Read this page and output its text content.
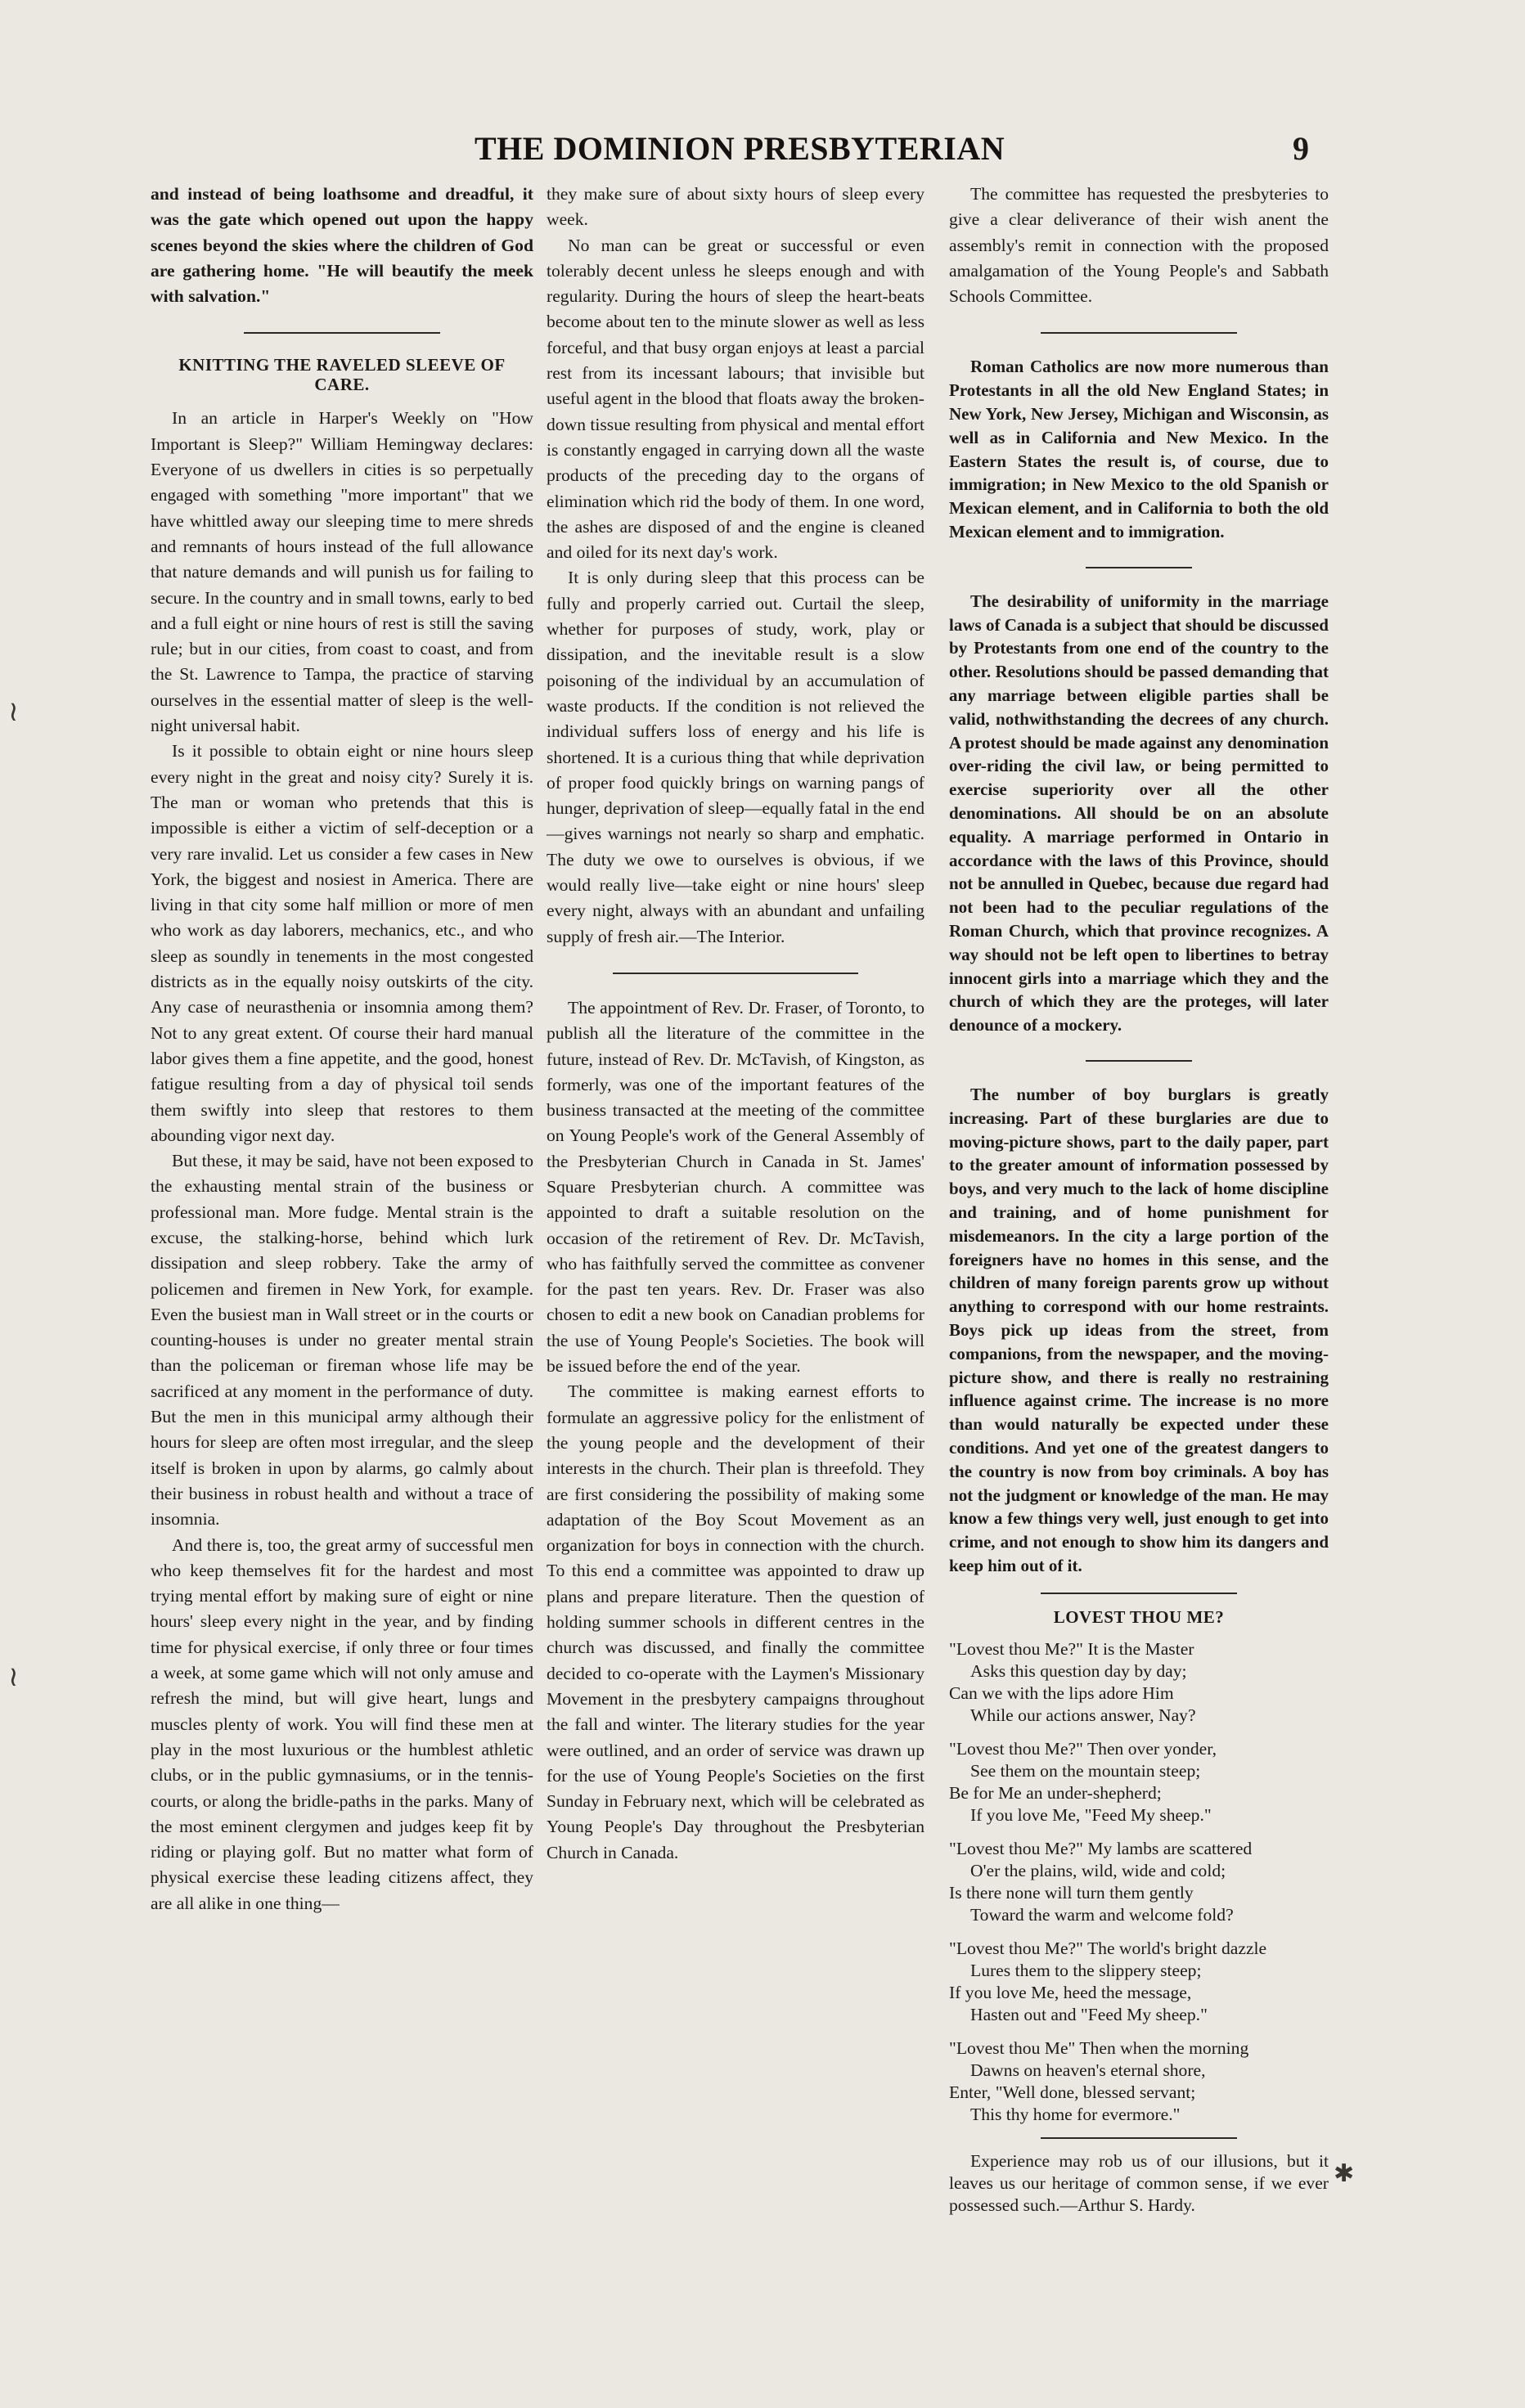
THE DOMINION PRESBYTERIAN	9
≀
≀
✱

and instead of being loathsome and dreadful, it was the gate which opened out upon the happy scenes beyond the skies where the children of God are gathering home. "He will beautify the meek with salvation."

KNITTING THE RAVELED SLEEVE OF CARE.

In an article in Harper's Weekly on "How Important is Sleep?" William Hemingway declares: Everyone of us dwellers in cities is so perpetually engaged with something "more important" that we have whittled away our sleeping time to mere shreds and remnants of hours instead of the full allowance that nature demands and will punish us for failing to secure. In the country and in small towns, early to bed and a full eight or nine hours of rest is still the saving rule; but in our cities, from coast to coast, and from the St. Lawrence to Tampa, the practice of starving ourselves in the essential matter of sleep is the well-night universal habit.

Is it possible to obtain eight or nine hours sleep every night in the great and noisy city? Surely it is. The man or woman who pretends that this is impossible is either a victim of self-deception or a very rare invalid. Let us consider a few cases in New York, the biggest and nosiest in America. There are living in that city some half million or more of men who work as day laborers, mechanics, etc., and who sleep as soundly in tenements in the most congested districts as in the equally noisy outskirts of the city. Any case of neurasthenia or insomnia among them? Not to any great extent. Of course their hard manual labor gives them a fine appetite, and the good, honest fatigue resulting from a day of physical toil sends them swiftly into sleep that restores to them abounding vigor next day.

But these, it may be said, have not been exposed to the exhausting mental strain of the business or professional man. More fudge. Mental strain is the excuse, the stalking-horse, behind which lurk dissipation and sleep robbery. Take the army of policemen and firemen in New York, for example. Even the busiest man in Wall street or in the courts or counting-houses is under no greater mental strain than the policeman or fireman whose life may be sacrificed at any moment in the performance of duty. But the men in this municipal army although their hours for sleep are often most irregular, and the sleep itself is broken in upon by alarms, go calmly about their business in robust health and without a trace of insomnia.

And there is, too, the great army of successful men who keep themselves fit for the hardest and most trying mental effort by making sure of eight or nine hours' sleep every night in the year, and by finding time for physical exercise, if only three or four times a week, at some game which will not only amuse and refresh the mind, but will give heart, lungs and muscles plenty of work. You will find these men at play in the most luxurious or the humblest athletic clubs, or in the public gymnasiums, or in the tennis-courts, or along the bridle-paths in the parks. Many of the most eminent clergymen and judges keep fit by riding or playing golf. But no matter what form of physical exercise these leading citizens affect, they are all alike in one thing—

they make sure of about sixty hours of sleep every week.

No man can be great or successful or even tolerably decent unless he sleeps enough and with regularity. During the hours of sleep the heart-beats become about ten to the minute slower as well as less forceful, and that busy organ enjoys at least a parcial rest from its incessant labours; that invisible but useful agent in the blood that floats away the broken-down tissue resulting from physical and mental effort is constantly engaged in carrying down all the waste products of the preceding day to the organs of elimination which rid the body of them. In one word, the ashes are disposed of and the engine is cleaned and oiled for its next day's work.

It is only during sleep that this process can be fully and properly carried out. Curtail the sleep, whether for purposes of study, work, play or dissipation, and the inevitable result is a slow poisoning of the individual by an accumulation of waste products. If the condition is not relieved the individual suffers loss of energy and his life is shortened. It is a curious thing that while deprivation of proper food quickly brings on warning pangs of hunger, deprivation of sleep—equally fatal in the end—gives warnings not nearly so sharp and emphatic. The duty we owe to ourselves is obvious, if we would really live—take eight or nine hours' sleep every night, always with an abundant and unfailing supply of fresh air.—The Interior.

The appointment of Rev. Dr. Fraser, of Toronto, to publish all the literature of the committee in the future, instead of Rev. Dr. McTavish, of Kingston, as formerly, was one of the important features of the business transacted at the meeting of the committee on Young People's work of the General Assembly of the Presbyterian Church in Canada in St. James' Square Presbyterian church. A committee was appointed to draft a suitable resolution on the occasion of the retirement of Rev. Dr. McTavish, who has faithfully served the committee as convener for the past ten years. Rev. Dr. Fraser was also chosen to edit a new book on Canadian problems for the use of Young People's Societies. The book will be issued before the end of the year.

The committee is making earnest efforts to formulate an aggressive policy for the enlistment of the young people and the development of their interests in the church. Their plan is threefold. They are first considering the possibility of making some adaptation of the Boy Scout Movement as an organization for boys in connection with the church. To this end a committee was appointed to draw up plans and prepare literature. Then the question of holding summer schools in different centres in the church was discussed, and finally the committee decided to co-operate with the Laymen's Missionary Movement in the presbytery campaigns throughout the fall and winter. The literary studies for the year were outlined, and an order of service was drawn up for the use of Young People's Societies on the first Sunday in February next, which will be celebrated as Young People's Day throughout the Presbyterian Church in Canada.

The committee has requested the presbyteries to give a clear deliverance of their wish anent the assembly's remit in connection with the proposed amalgamation of the Young People's and Sabbath Schools Committee.

Roman Catholics are now more numerous than Protestants in all the old New England States; in New York, New Jersey, Michigan and Wisconsin, as well as in California and New Mexico. In the Eastern States the result is, of course, due to immigration; in New Mexico to the old Spanish or Mexican element, and in California to both the old Mexican element and to immigration.

The desirability of uniformity in the marriage laws of Canada is a subject that should be discussed by Protestants from one end of the country to the other. Resolutions should be passed demanding that any marriage between eligible parties shall be valid, nothwithstanding the decrees of any church. A protest should be made against any denomination over-riding the civil law, or being permitted to exercise superiority over all the other denominations. All should be on an absolute equality. A marriage performed in Ontario in accordance with the laws of this Province, should not be annulled in Quebec, because due regard had not been had to the peculiar regulations of the Roman Church, which that province recognizes. A way should not be left open to libertines to betray innocent girls into a marriage which they and the church of which they are the proteges, will later denounce of a mockery.

The number of boy burglars is greatly increasing. Part of these burglaries are due to moving-picture shows, part to the daily paper, part to the greater amount of information possessed by boys, and very much to the lack of home discipline and training, and of home punishment for misdemeanors. In the city a large portion of the foreigners have no homes in this sense, and the children of many foreign parents grow up without anything to correspond with our home restraints. Boys pick up ideas from the street, from companions, from the newspaper, and the moving-picture show, and there is really no restraining influence against crime. The increase is no more than would naturally be expected under these conditions. And yet one of the greatest dangers to the country is now from boy criminals. A boy has not the judgment or knowledge of the man. He may know a few things very well, just enough to get into crime, and not enough to show him its dangers and keep him out of it.

LOVEST THOU ME?

"Lovest thou Me?" It is the Master

Asks this question day by day;

Can we with the lips adore Him

While our actions answer, Nay?

"Lovest thou Me?" Then over yonder,

See them on the mountain steep;

Be for Me an under-shepherd;

If you love Me, "Feed My sheep."

"Lovest thou Me?" My lambs are scattered

O'er the plains, wild, wide and cold;

Is there none will turn them gently

Toward the warm and welcome fold?

"Lovest thou Me?" The world's bright dazzle

Lures them to the slippery steep;

If you love Me, heed the message,

Hasten out and "Feed My sheep."

"Lovest thou Me" Then when the morning

Dawns on heaven's eternal shore,

Enter, "Well done, blessed servant;

This thy home for evermore."

Experience may rob us of our illusions, but it leaves us our heritage of common sense, if we ever possessed such.—Arthur S. Hardy.
